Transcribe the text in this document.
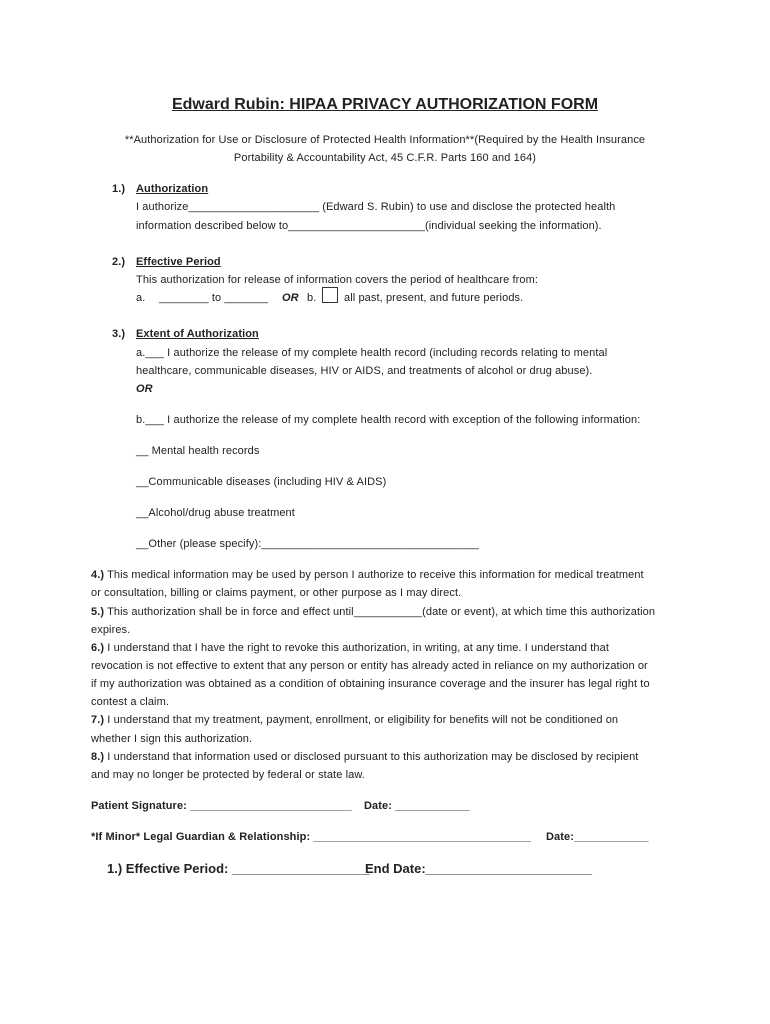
Edward Rubin: HIPAA PRIVACY AUTHORIZATION FORM
**Authorization for Use or Disclosure of Protected Health Information**(Required by the Health Insurance
Portability & Accountability Act, 45 C.F.R. Parts 160 and 164)
1.) Authorization
I authorize_____________________ (Edward S. Rubin) to use and disclose the protected health
information described below to______________________(individual seeking the information).
2.) Effective Period
This authorization for release of information covers the period of healthcare from:
a. ________ to _______ OR b.	all past, present, and future periods.
3.) Extent of Authorization
a.___ I authorize the release of my complete health record (including records relating to mental
healthcare, communicable diseases, HIV or AIDS, and treatments of alcohol or drug abuse).
OR
b.___ I authorize the release of my complete health record with exception of the following information:
__ Mental health records
__Communicable diseases (including HIV & AIDS)
__Alcohol/drug abuse treatment
__Other (please specify):___________________________________
4.) This medical information may be used by person I authorize to receive this information for medical treatment
or consultation, billing or claims payment, or other purpose as I may direct.
5.) This authorization shall be in force and effect until___________(date or event), at which time this authorization
expires.
6.) I understand that I have the right to revoke this authorization, in writing, at any time. I understand that
revocation is not effective to extent that any person or entity has already acted in reliance on my authorization or
if my authorization was obtained as a condition of obtaining insurance coverage and the insurer has legal right to
contest a claim.
7.) I understand that my treatment, payment, enrollment, or eligibility for benefits will not be conditioned on
whether I sign this authorization.
8.) I understand that information used or disclosed pursuant to this authorization may be disclosed by recipient
and may no longer be protected by federal or state law.
Patient Signature: __________________________ Date: ____________
*If Minor* Legal Guardian & Relationship: ___________________________________ Date:____________
1.) Effective Period: ___________________
End Date:_______________________
